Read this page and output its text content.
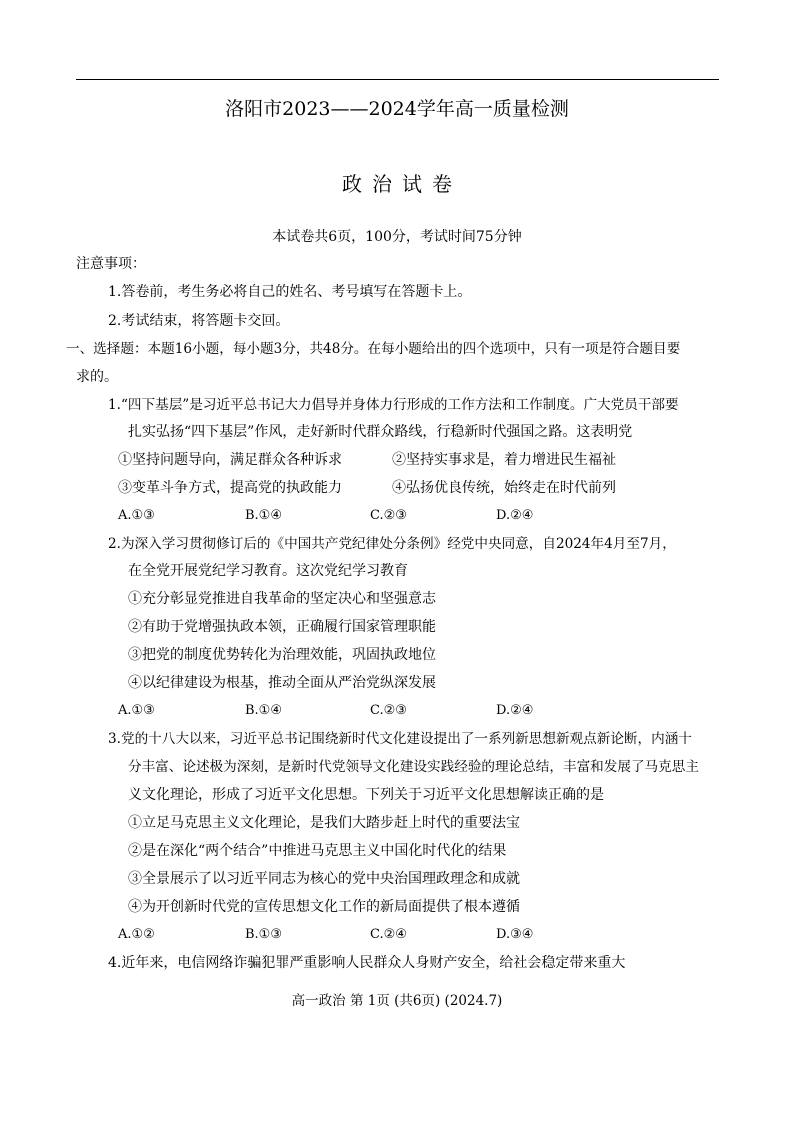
洛阳市2023——2024学年高一质量检测
政治试卷
本试卷共6页，100分，考试时间75分钟
注意事项：
1.答卷前，考生务必将自己的姓名、考号填写在答题卡上。
2.考试结束，将答题卡交回。
一、选择题：本题16小题，每小题3分，共48分。在每小题给出的四个选项中，只有一项是符合题目要
求的。
1.“四下基层”是习近平总书记大力倡导并身体力行形成的工作方法和工作制度。广大党员干部要
扎实弘扬“四下基层”作风，走好新时代群众路线，行稳新时代强国之路。这表明党
①坚持问题导向，满足群众各种诉求	②坚持实事求是，着力增进民生福祉
③变革斗争方式，提高党的执政能力	④弘扬优良传统，始终走在时代前列
A.①③	B.①④	C.②③	D.②④
2.为深入学习贯彻修订后的《中国共产党纪律处分条例》经党中央同意，自2024年4月至7月，
在全党开展党纪学习教育。这次党纪学习教育
①充分彰显党推进自我革命的坚定决心和坚强意志
②有助于党增强执政本领，正确履行国家管理职能
③把党的制度优势转化为治理效能，巩固执政地位
④以纪律建设为根基，推动全面从严治党纵深发展
A.①③	B.①④	C.②③	D.②④
3.党的十八大以来，习近平总书记围绕新时代文化建设提出了一系列新思想新观点新论断，内涵十
分丰富、论述极为深刻，是新时代党领导文化建设实践经验的理论总结，丰富和发展了马克思主
义文化理论，形成了习近平文化思想。下列关于习近平文化思想解读正确的是
①立足马克思主义文化理论，是我们大踏步赶上时代的重要法宝
②是在深化“两个结合”中推进马克思主义中国化时代化的结果
③全景展示了以习近平同志为核心的党中央治国理政理念和成就
④为开创新时代党的宣传思想文化工作的新局面提供了根本遵循
A.①②	B.①③	C.②④	D.③④
4.近年来，电信网络诈骗犯罪严重影响人民群众人身财产安全，给社会稳定带来重大
高一政治 第 1页 (共6页) (2024.7)
